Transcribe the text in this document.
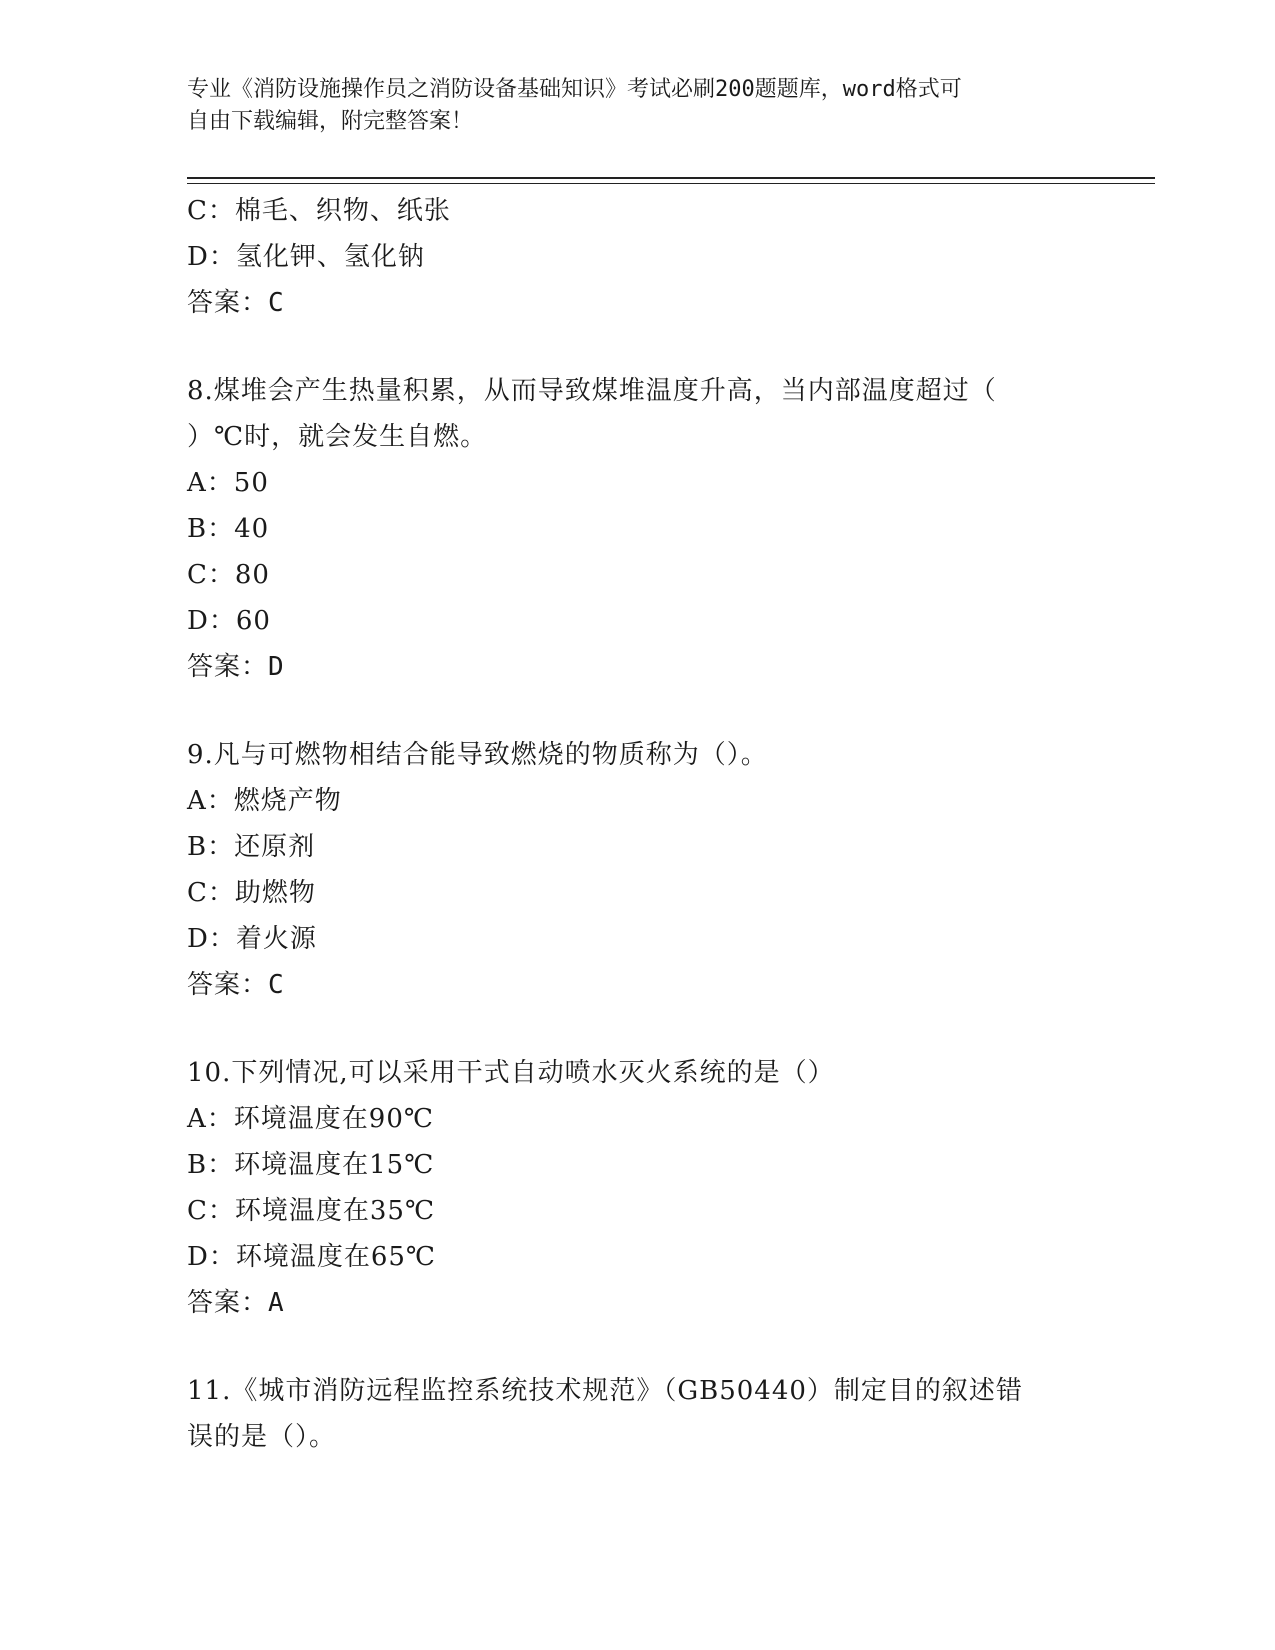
专业《消防设施操作员之消防设备基础知识》考试必刷200题题库，word格式可

自由下载编辑，附完整答案！

C：棉毛、织物、纸张
D：氢化钾、氢化钠
答案：C
8.煤堆会产生热量积累，从而导致煤堆温度升高，当内部温度超过（
）℃时，就会发生自燃。
A：50
B：40
C：80
D：60
答案：D
9.凡与可燃物相结合能导致燃烧的物质称为（）。
A：燃烧产物
B：还原剂
C：助燃物
D：着火源
答案：C
10.下列情况,可以采用干式自动喷水灭火系统的是（）
A：环境温度在90℃
B：环境温度在15℃
C：环境温度在35℃
D：环境温度在65℃
答案：A
11.《城市消防远程监控系统技术规范》（GB50440）制定目的叙述错
误的是（）。
